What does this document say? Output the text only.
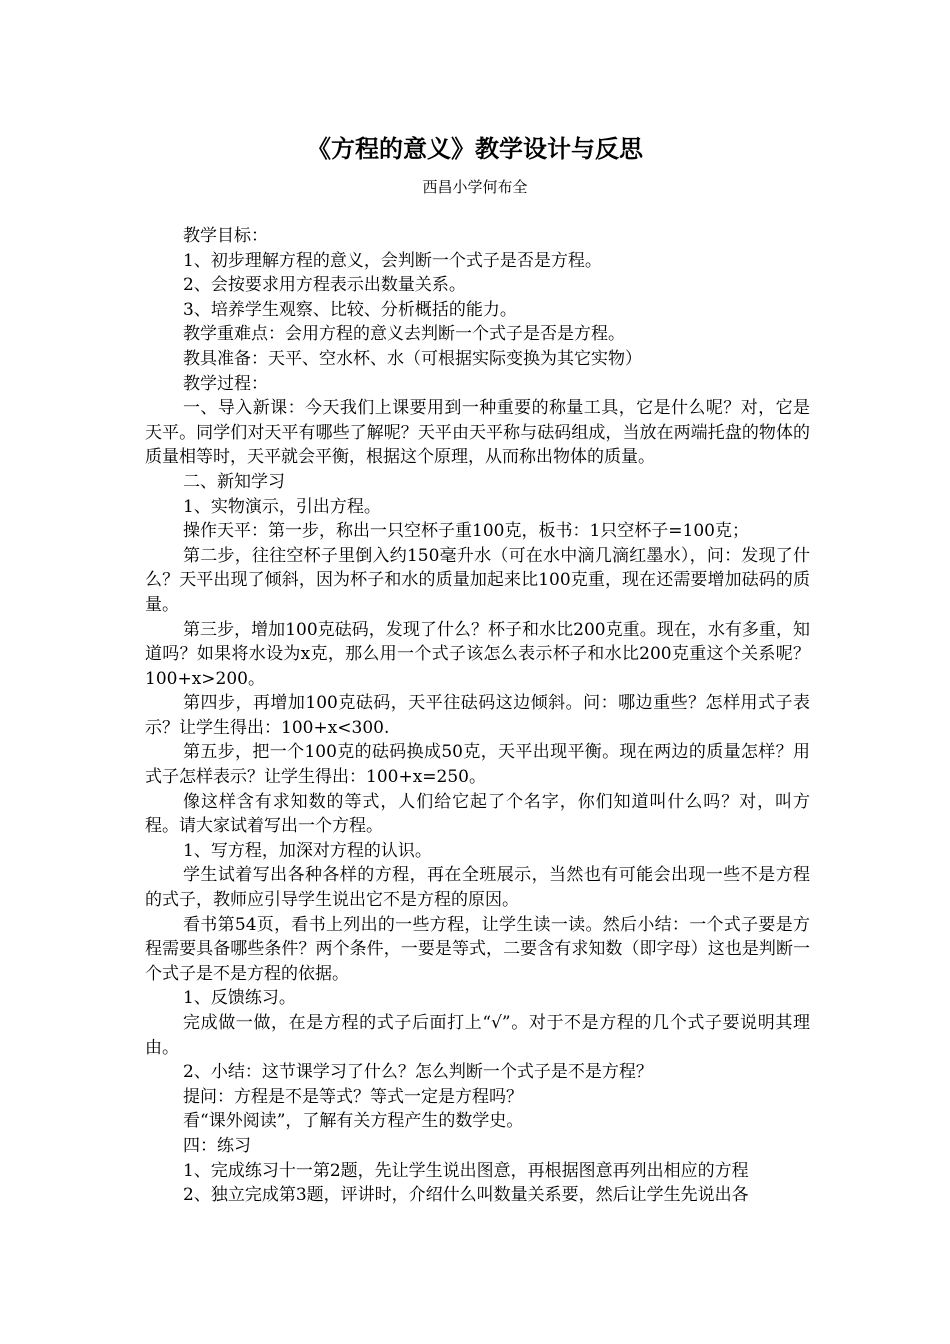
《方程的意义》教学设计与反思
西昌小学何布全

教学目标：

1、初步理解方程的意义，会判断一个式子是否是方程。

2、会按要求用方程表示出数量关系。

3、培养学生观察、比较、分析概括的能力。

教学重难点：会用方程的意义去判断一个式子是否是方程。

教具准备：天平、空水杯、水（可根据实际变换为其它实物）

教学过程：

一、导入新课：今天我们上课要用到一种重要的称量工具，它是什么呢？对，它是天平。同学们对天平有哪些了解呢？天平由天平称与砝码组成，当放在两端托盘的物体的质量相等时，天平就会平衡，根据这个原理，从而称出物体的质量。

二、新知学习

1、实物演示，引出方程。

操作天平：第一步，称出一只空杯子重100克，板书：1只空杯子=100克；

第二步，往往空杯子里倒入约150毫升水（可在水中滴几滴红墨水），问：发现了什么？天平出现了倾斜，因为杯子和水的质量加起来比100克重，现在还需要增加砝码的质量。

第三步，增加100克砝码，发现了什么？杯子和水比200克重。现在，水有多重，知道吗？如果将水设为x克，那么用一个式子该怎么表示杯子和水比200克重这个关系呢？100+x>200。

第四步，再增加100克砝码，天平往砝码这边倾斜。问：哪边重些？怎样用式子表示？让学生得出：100+x<300.

第五步，把一个100克的砝码换成50克，天平出现平衡。现在两边的质量怎样？用式子怎样表示？让学生得出：100+x=250。

像这样含有求知数的等式，人们给它起了个名字，你们知道叫什么吗？对，叫方程。请大家试着写出一个方程。

1、写方程，加深对方程的认识。

学生试着写出各种各样的方程，再在全班展示，当然也有可能会出现一些不是方程的式子，教师应引导学生说出它不是方程的原因。

看书第54页，看书上列出的一些方程，让学生读一读。然后小结：一个式子要是方程需要具备哪些条件？两个条件，一要是等式，二要含有求知数（即字母）这也是判断一个式子是不是方程的依据。

1、反馈练习。

完成做一做，在是方程的式子后面打上“√”。对于不是方程的几个式子要说明其理由。

2、小结：这节课学习了什么？怎么判断一个式子是不是方程？

提问：方程是不是等式？等式一定是方程吗？

看“课外阅读”，了解有关方程产生的数学史。

四：练习

1、完成练习十一第2题，先让学生说出图意，再根据图意再列出相应的方程

2、独立完成第3题，评讲时，介绍什么叫数量关系要，然后让学生先说出各
